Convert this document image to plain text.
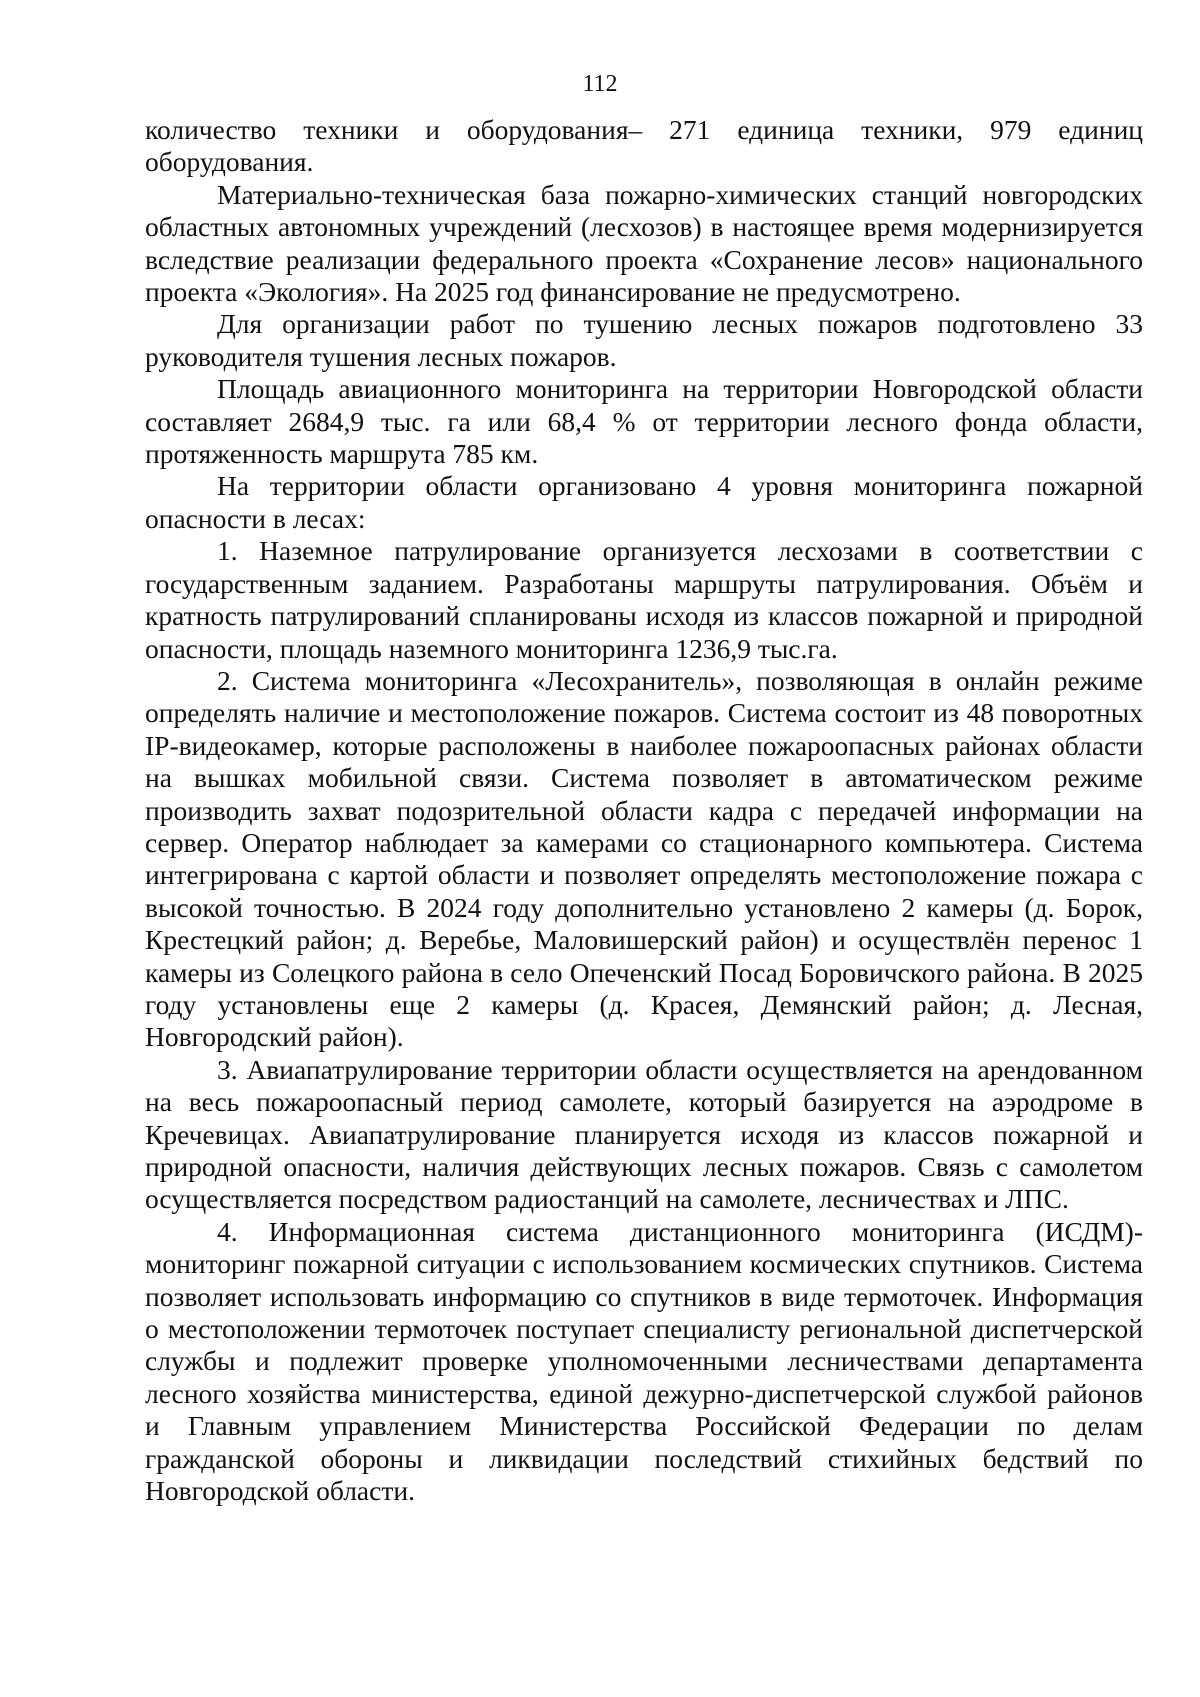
112

количество техники и оборудования– 271 единица техники, 979 единиц оборудования.

Материально-техническая база пожарно-химических станций новгородских областных автономных учреждений (лесхозов) в настоящее время модернизируется вследствие реализации федерального проекта «Сохранение лесов» национального проекта «Экология». На 2025 год финансирование не предусмотрено.

Для организации работ по тушению лесных пожаров подготовлено 33 руководителя тушения лесных пожаров.

Площадь авиационного мониторинга на территории Новгородской области составляет 2684,9 тыс. га или 68,4 % от территории лесного фонда области, протяженность маршрута 785 км.

На территории области организовано 4 уровня мониторинга пожарной опасности в лесах:

1. Наземное патрулирование организуется лесхозами в соответствии с государственным заданием. Разработаны маршруты патрулирования. Объём и кратность патрулирований спланированы исходя из классов пожарной и природной опасности, площадь наземного мониторинга 1236,9 тыс.га.

2. Система мониторинга «Лесохранитель», позволяющая в онлайн режиме определять наличие и местоположение пожаров. Система состоит из 48 поворотных IP-видеокамер, которые расположены в наиболее пожароопасных районах области на вышках мобильной связи. Система позволяет в автоматическом режиме производить захват подозрительной области кадра с передачей информации на сервер. Оператор наблюдает за камерами со стационарного компьютера. Система интегрирована с картой области и позволяет определять местоположение пожара с высокой точностью. В 2024 году дополнительно установлено 2 камеры (д. Борок, Крестецкий район; д. Веребье, Маловишерский район) и осуществлён перенос 1 камеры из Солецкого района в село Опеченский Посад Боровичского района. В 2025 году установлены еще 2 камеры (д. Красея, Демянский район; д. Лесная, Новгородский район).

3. Авиапатрулирование территории области осуществляется на арендованном на весь пожароопасный период самолете, который базируется на аэродроме в Кречевицах. Авиапатрулирование планируется исходя из классов пожарной и природной опасности, наличия действующих лесных пожаров. Связь с самолетом осуществляется посредством радиостанций на самолете, лесничествах и ЛПС.

4. Информационная система дистанционного мониторинга (ИСДМ)- мониторинг пожарной ситуации с использованием космических спутников. Система позволяет использовать информацию со спутников в виде термоточек. Информация о местоположении термоточек поступает специалисту региональной диспетчерской службы и подлежит проверке уполномоченными лесничествами департамента лесного хозяйства министерства, единой дежурно-диспетчерской службой районов и Главным управлением Министерства Российской Федерации по делам гражданской обороны и ликвидации последствий стихийных бедствий по Новгородской области.
